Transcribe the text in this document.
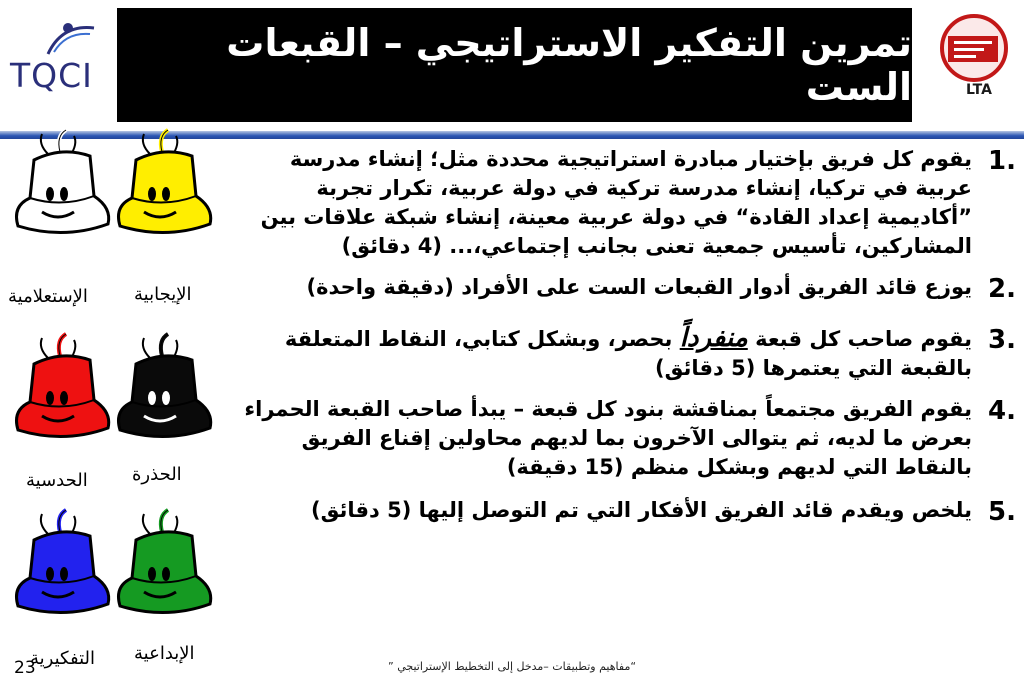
TQCI
تمرين التفكير الاستراتيجي – القبعات الست	LTA
.1
يقوم كل فريق بإختيار مبادرة استراتيجية محددة مثل؛ إنشاء مدرسة عربية في تركيا، إنشاء مدرسة تركية في دولة عربية، تكرار تجربة ”أكاديمية إعداد القادة“ في دولة عربية معينة، إنشاء شبكة علاقات بين المشاركين، تأسيس جمعية تعنى بجانب إجتماعي،... (4 دقائق)
.2
يوزع قائد الفريق أدوار القبعات الست على الأفراد (دقيقة واحدة)
.3
يقوم صاحب كل قبعة منفرداً بحصر، وبشكل كتابي، النقاط المتعلقة بالقبعة التي يعتمرها (5 دقائق)
.4
يقوم الفريق مجتمعاً بمناقشة بنود كل قبعة – يبدأ صاحب القبعة الحمراء بعرض ما لديه، ثم يتوالى الآخرون بما لديهم محاولين إقناع الفريق بالنقاط التي لديهم وبشكل منظم (15 دقيقة)
.5
يلخص ويقدم قائد الفريق الأفكار التي تم التوصل إليها (5 دقائق)
الإيجابية
الإستعلامية
الحذرة
الحدسية
الإبداعية
التفكيرية
23	“مفاهيم وتطبيقات –مدخل إلى التخطيط الإستراتيجي ”
